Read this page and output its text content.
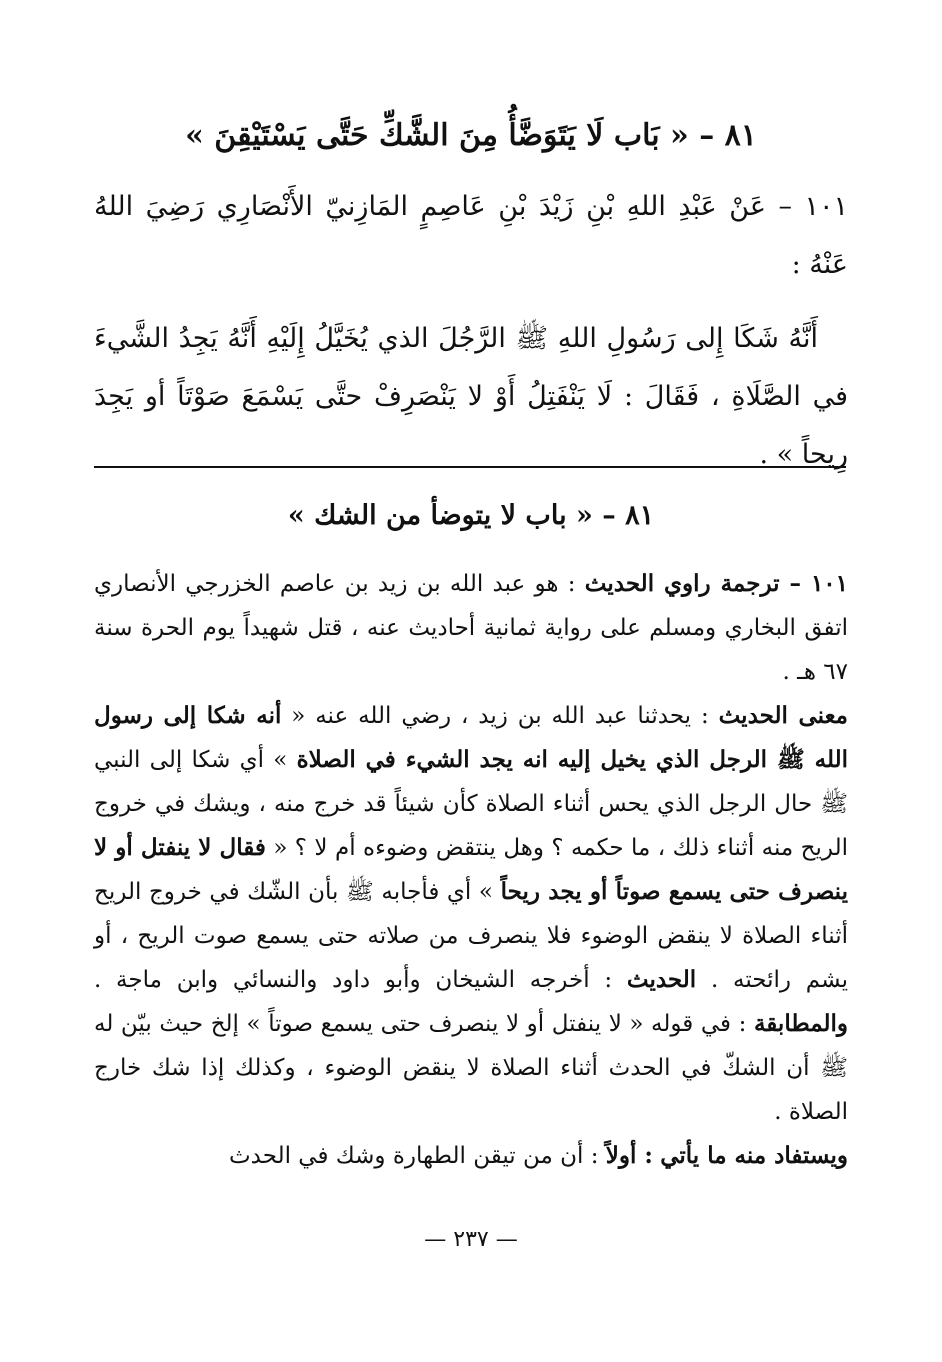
٨١ – « بَاب لَا يَتَوَضَّأُ مِنَ الشَّكِّ حَتَّى يَسْتَيْقِنَ »

١٠١ – عَنْ عَبْدِ اللهِ بْنِ زَيْدَ بْنِ عَاصِمٍ المَازِنيّ الأَنْصَارِي رَضِيَ اللهُ عَنْهُ :

أَنَّهُ شَكَا إِلى رَسُولِ اللهِ ﷺ الرَّجُلَ الذي يُخَيَّلُ إِلَيْهِ أَنَّهُ يَجِدُ الشَّيءَ في الصَّلَاةِ ، فَقَالَ : لَا يَنْفَتِلُ أَوْ لا يَنْصَرِفْ حتَّى يَسْمَعَ صَوْتَاً أو يَجِدَ رِيحاً » .

٨١ – « باب لا يتوضأ من الشك »

١٠١ – ترجمة راوي الحديث : هو عبد الله بن زيد بن عاصم الخزرجي الأنصاري اتفق البخاري ومسلم على رواية ثمانية أحاديث عنه ، قتل شهيداً يوم الحرة سنة ٦٧ هـ .

معنى الحديث : يحدثنا عبد الله بن زيد ، رضي الله عنه « أنه شكا إلى رسول الله ﷺ الرجل الذي يخيل إليه انه يجد الشيء في الصلاة » أي شكا إلى النبي ﷺ حال الرجل الذي يحس أثناء الصلاة كأن شيئاً قد خرج منه ، ويشك في خروج الريح منه أثناء ذلك ، ما حكمه ؟ وهل ينتقض وضوءه أم لا ؟ « فقال لا ينفتل أو لا ينصرف حتى يسمع صوتاً أو يجد ريحاً » أي فأجابه ﷺ بأن الشّك في خروج الريح أثناء الصلاة لا ينقض الوضوء فلا ينصرف من صلاته حتى يسمع صوت الريح ، أو يشم رائحته . الحديث : أخرجه الشيخان وأبو داود والنسائي وابن ماجة . والمطابقة : في قوله « لا ينفتل أو لا ينصرف حتى يسمع صوتاً » إلخ حيث بيّن له ﷺ أن الشكّ في الحدث أثناء الصلاة لا ينقض الوضوء ، وكذلك إذا شك خارج الصلاة .

ويستفاد منه ما يأتي : أولاً : أن من تيقن الطهارة وشك في الحدث

— ٢٣٧ —
